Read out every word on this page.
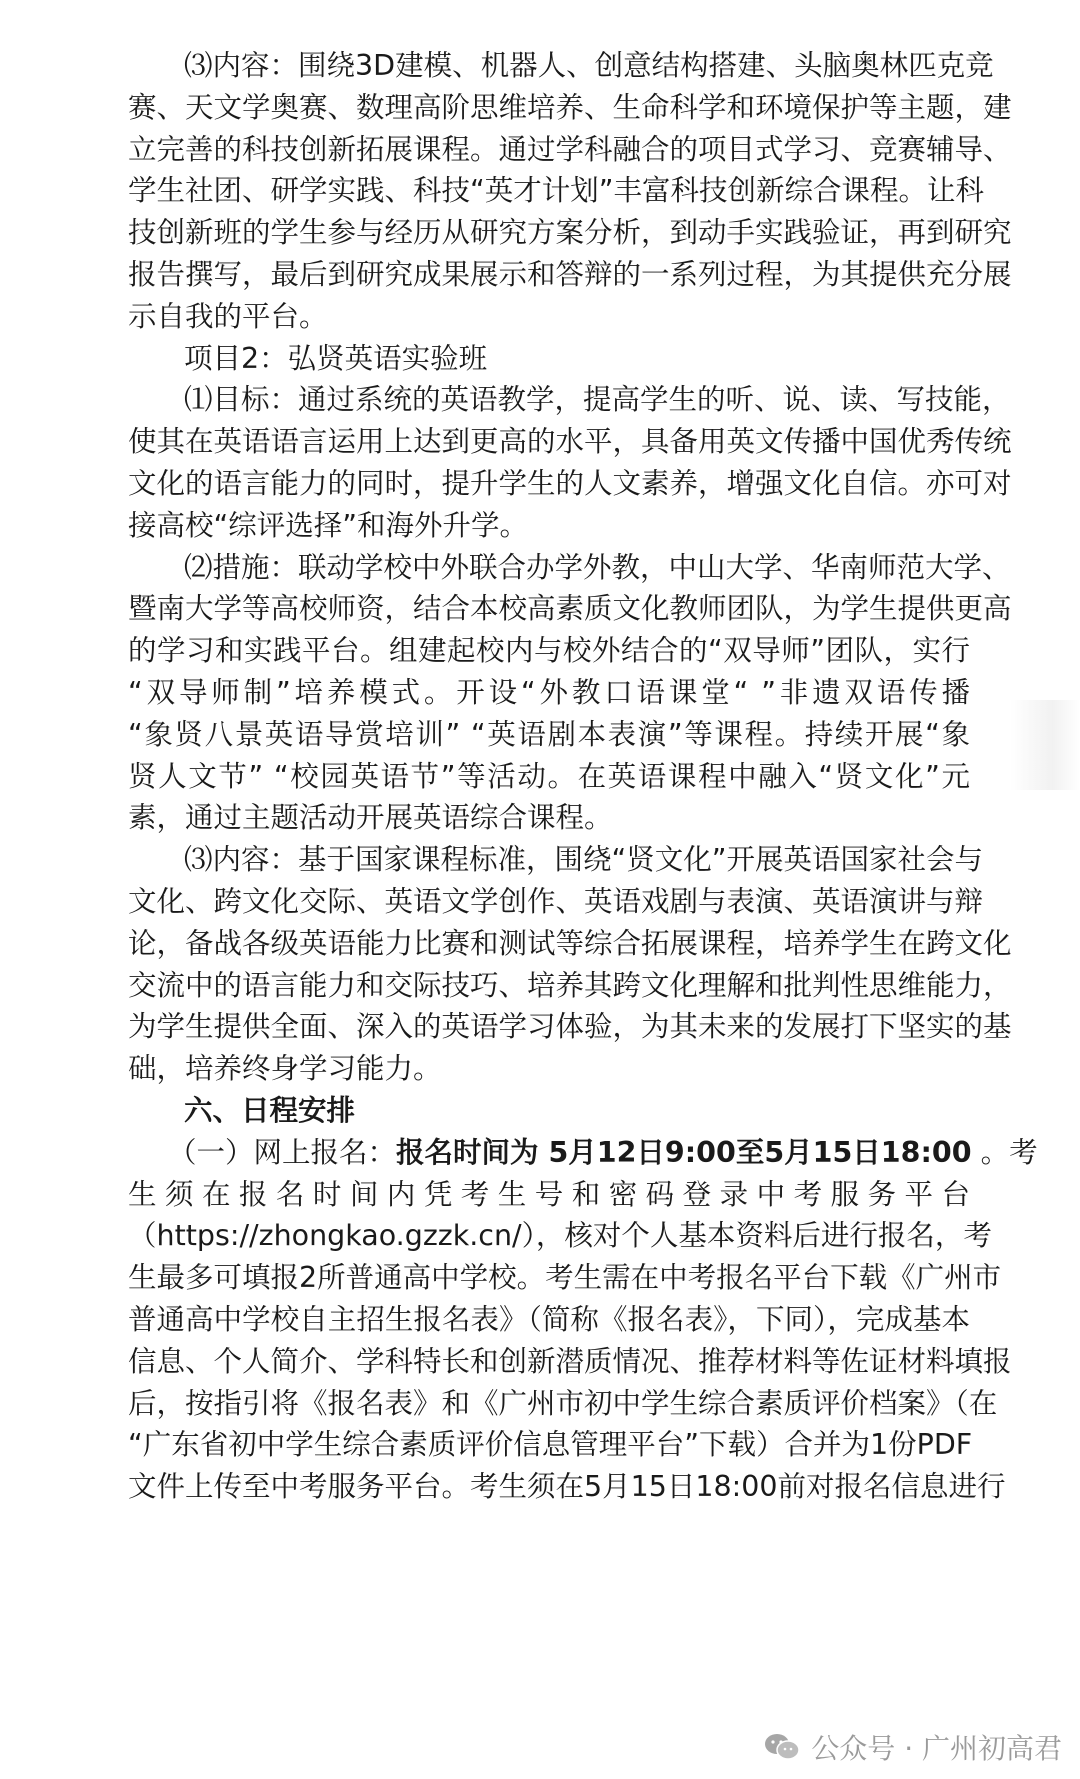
⑶内容：围绕3D建模、机器人、创意结构搭建、头脑奥林匹克竞
赛、天文学奥赛、数理高阶思维培养、生命科学和环境保护等主题，建
立完善的科技创新拓展课程。通过学科融合的项目式学习、竞赛辅导、
学生社团、研学实践、科技“英才计划”丰富科技创新综合课程。让科
技创新班的学生参与经历从研究方案分析，到动手实践验证，再到研究
报告撰写，最后到研究成果展示和答辩的一系列过程，为其提供充分展
示自我的平台。
项目2：弘贤英语实验班
⑴目标：通过系统的英语教学，提高学生的听、说、读、写技能，
使其在英语语言运用上达到更高的水平，具备用英文传播中国优秀传统
文化的语言能力的同时，提升学生的人文素养，增强文化自信。亦可对
接高校“综评选择”和海外升学。
⑵措施：联动学校中外联合办学外教，中山大学、华南师范大学、
暨南大学等高校师资，结合本校高素质文化教师团队，为学生提供更高
的学习和实践平台。组建起校内与校外结合的“双导师”团队，实行
“双导师制”培养模式。开设“外教口语课堂“ ”非遗双语传播
“象贤八景英语导赏培训” “英语剧本表演”等课程。持续开展“象
贤人文节” “校园英语节”等活动。在英语课程中融入“贤文化”元
素，通过主题活动开展英语综合课程。
⑶内容：基于国家课程标准，围绕“贤文化”开展英语国家社会与
文化、跨文化交际、英语文学创作、英语戏剧与表演、英语演讲与辩
论，备战各级英语能力比赛和测试等综合拓展课程，培养学生在跨文化
交流中的语言能力和交际技巧、培养其跨文化理解和批判性思维能力，
为学生提供全面、深入的英语学习体验，为其未来的发展打下坚实的基
础，培养终身学习能力。
六、日程安排
（一）网上报名：报名时间为 5月12日9:00至5月15日18:00 。考
生须在报名时间内凭考生号和密码登录中考服务平台
（https://zhongkao.gzzk.cn/），核对个人基本资料后进行报名，考
生最多可填报2所普通高中学校。考生需在中考报名平台下载《广州市
普通高中学校自主招生报名表》（简称《报名表》，下同），完成基本
信息、个人简介、学科特长和创新潜质情况、推荐材料等佐证材料填报
后，按指引将《报名表》和《广州市初中学生综合素质评价档案》（在
“广东省初中学生综合素质评价信息管理平台”下载）合并为1份PDF
文件上传至中考服务平台。考生须在5月15日18:00前对报名信息进行
公众号 · 广州初高君
